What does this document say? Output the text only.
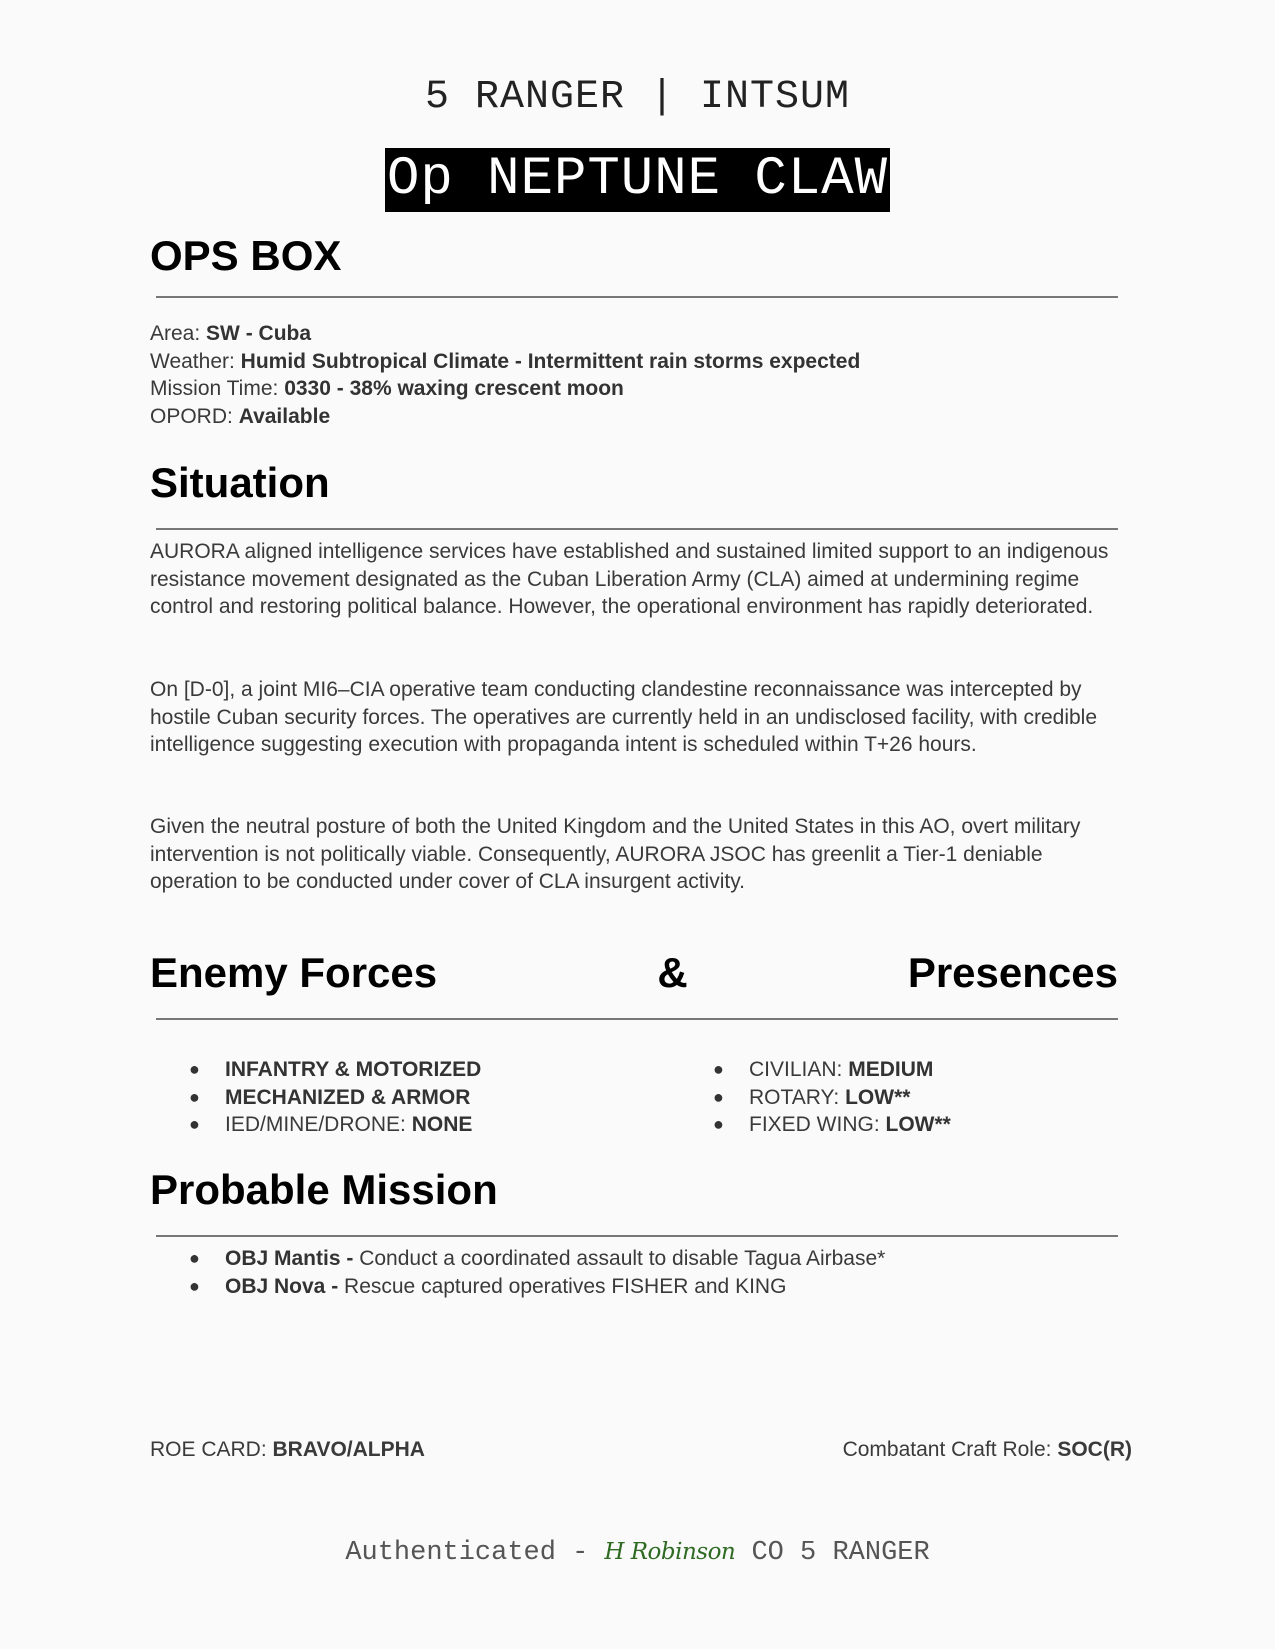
5 RANGER | INTSUM
Op NEPTUNE CLAW
OPS BOX
Area: SW - Cuba
Weather: Humid Subtropical Climate - Intermittent rain storms expected
Mission Time: 0330 - 38% waxing crescent moon
OPORD: Available
Situation
AURORA aligned intelligence services have established and sustained limited support to an indigenous resistance movement designated as the Cuban Liberation Army (CLA) aimed at undermining regime control and restoring political balance. However, the operational environment has rapidly deteriorated.
On [D-0], a joint MI6–CIA operative team conducting clandestine reconnaissance was intercepted by hostile Cuban security forces. The operatives are currently held in an undisclosed facility, with credible intelligence suggesting execution with propaganda intent is scheduled within T+26 hours.
Given the neutral posture of both the United Kingdom and the United States in this AO, overt military intervention is not politically viable. Consequently, AURORA JSOC has greenlit a Tier-1 deniable operation to be conducted under cover of CLA insurgent activity.
Enemy Forces	&	Presences
● INFANTRY & MOTORIZED
● MECHANIZED & ARMOR
● IED/MINE/DRONE: NONE
● CIVILIAN: MEDIUM
● ROTARY: LOW**
● FIXED WING: LOW**
Probable Mission
● OBJ Mantis - Conduct a coordinated assault to disable Tagua Airbase*
● OBJ Nova - Rescue captured operatives FISHER and KING
ROE CARD: BRAVO/ALPHA	Combatant Craft Role: SOC(R)
Authenticated - H Robinson CO 5 RANGER
